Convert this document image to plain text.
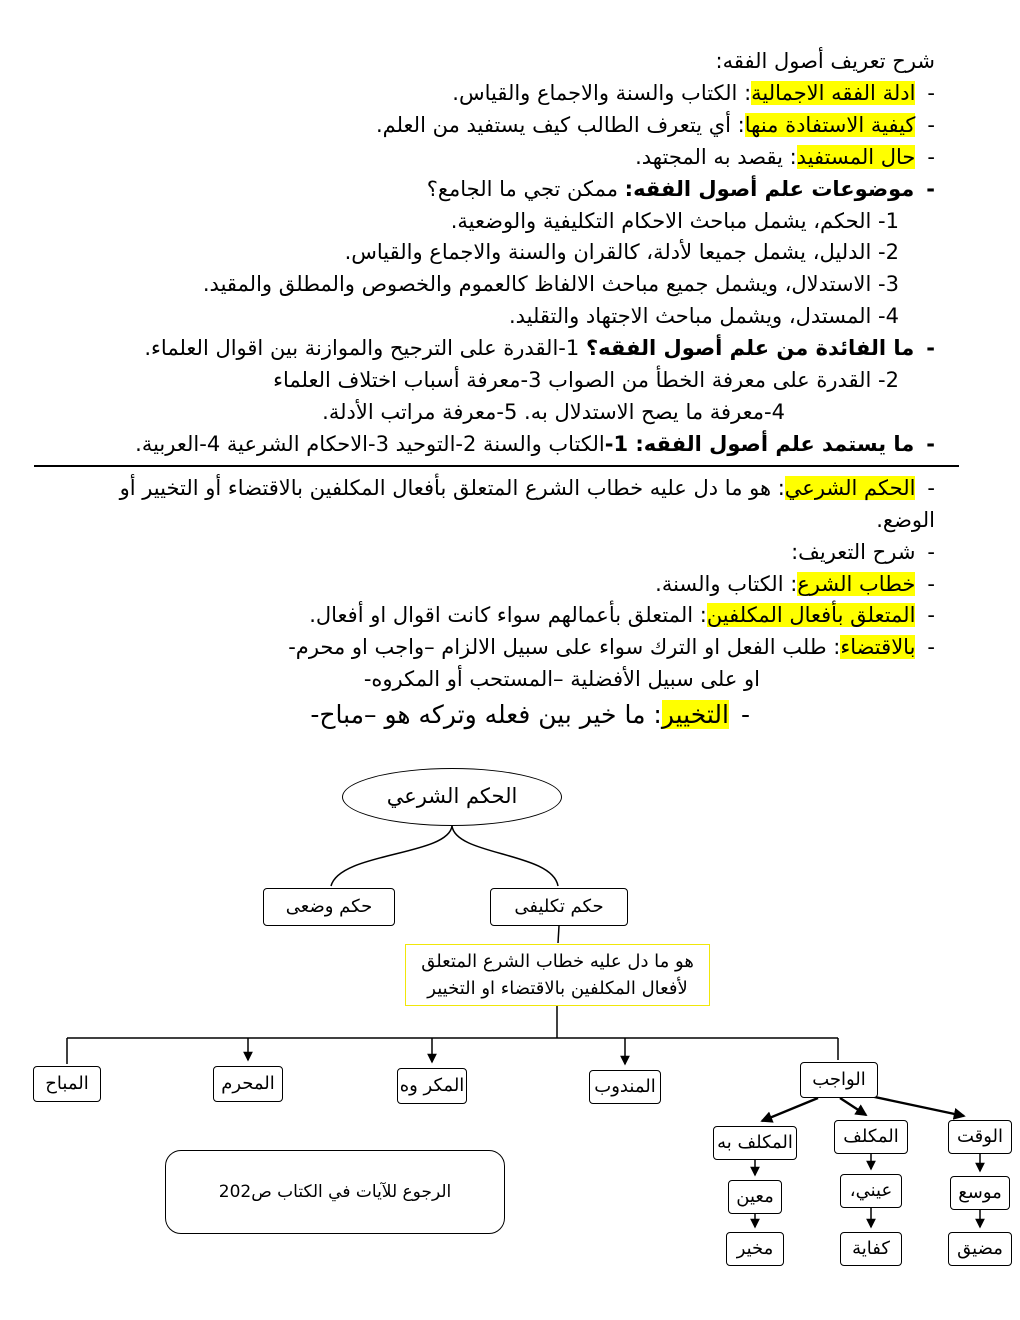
شرح تعريف أصول الفقه:

-ادلة الفقه الاجمالية: الكتاب والسنة والاجماع والقياس.

-كيفية الاستفادة منها: أي يتعرف الطالب كيف يستفيد من العلم.

-حال المستفيد: يقصد به المجتهد.

-موضوعات علم أصول الفقه: ممكن تجي ما الجامع؟

1- الحكم، يشمل مباحث الاحكام التكليفية والوضعية.

2- الدليل، يشمل جميعا لأدلة، كالقران والسنة والاجماع والقياس.

3- الاستدلال، ويشمل جميع مباحث الالفاظ كالعموم والخصوص والمطلق والمقيد.

4- المستدل، ويشمل مباحث الاجتهاد والتقليد.

-ما الفائدة من علم أصول الفقه؟ 1-القدرة على الترجيح والموازنة بين اقوال العلماء.

2- القدرة على معرفة الخطأ من الصواب 3-معرفة أسباب اختلاف العلماء

4-معرفة ما يصح الاستدلال به. 5-معرفة مراتب الأدلة.

-ما يستمد علم أصول الفقه: 1-الكتاب والسنة 2-التوحيد 3-الاحكام الشرعية 4-العربية.

-الحكم الشرعي: هو ما دل عليه خطاب الشرع المتعلق بأفعال المكلفين بالاقتضاء أو التخيير أو الوضع.

-شرح التعريف:

-خطاب الشرع: الكتاب والسنة.

-المتعلق بأفعال المكلفين: المتعلق بأعمالهم سواء كانت اقوال او أفعال.

-بالاقتضاء: طلب الفعل او الترك سواء على سبيل الالزام –واجب او محرم-

او على سبيل الأفضلية –المستحب أو المكروه-

-التخيير: ما خير بين فعله وتركه هو –مباح-

الحكم الشرعي
حكم وضعى	حكم تكليفى
هو ما دل عليه خطاب الشرع المتعلق
لأفعال المكلفين بالاقتضاء او التخيير
المباح	المحرم	المكر وه	المندوب	الواجب
المكلف به	المكلف	الوقت
معين
مخير
عيني،
كفاية
موسع
مضيق
الرجوع للآيات في الكتاب ص202
